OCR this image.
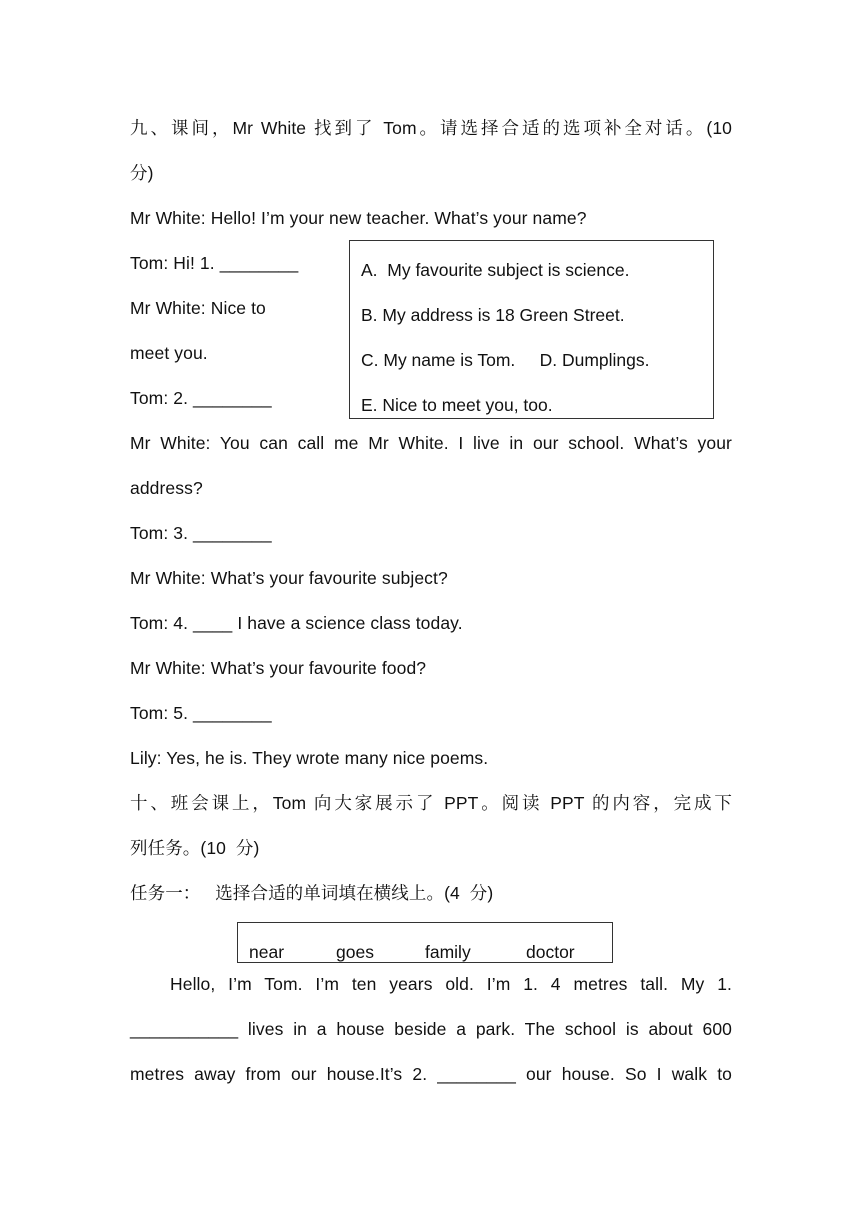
九、课间，Mr White 找到了 Tom。请选择合适的选项补全对话。(10
分)
Mr White: Hello! I’m your new teacher. What’s your name?
Tom: Hi! 1. ________
Mr White: Nice to
meet you.
Tom: 2. ________
Mr White: You can call me Mr White. I live in our school. What’s your
address?
Tom: 3. ________
Mr White: What’s your favourite subject?
Tom: 4. ____ I have a science class today.
Mr White: What’s your favourite food?
Tom: 5. ________
Lily: Yes, he is. They wrote many nice poems.
A.  My favourite subject is science.
B. My address is 18 Green Street.
C. My name is Tom.     D. Dumplings.
E. Nice to meet you, too.
十、班会课上，Tom 向大家展示了 PPT。阅读 PPT 的内容，完成下
列任务。(10  分)
任务一：   选择合适的单词填在横线上。(4  分)
near	goes	family	doctor
Hello, I’m Tom. I’m ten years old. I’m 1. 4 metres tall. My 1.
___________ lives in a house beside a park. The school is about 600
metres away from our house.It’s 2. ________ our house. So I walk to
